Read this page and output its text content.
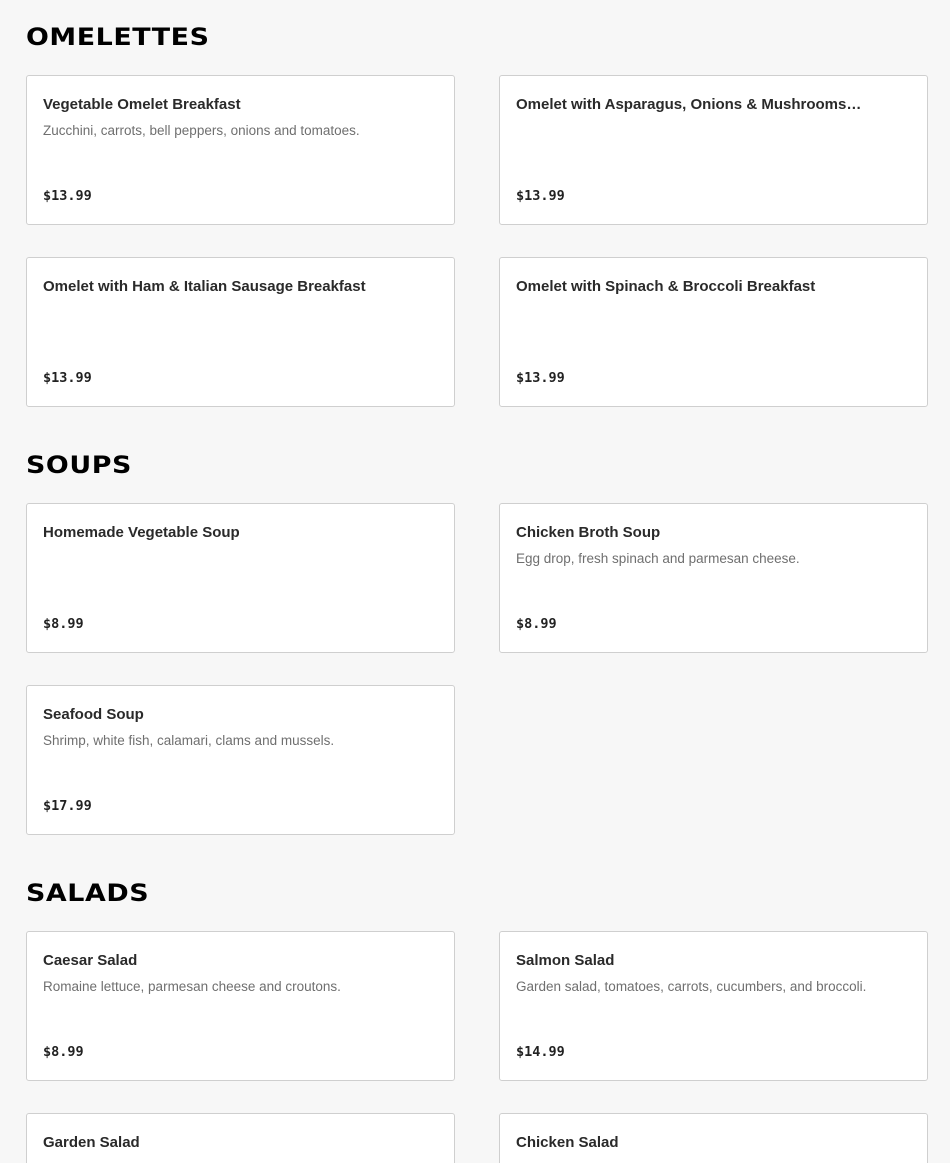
OMELETTES
Vegetable Omelet Breakfast
Zucchini, carrots, bell peppers, onions and tomatoes.
$13.99
Omelet with Asparagus, Onions & Mushrooms…
$13.99
Omelet with Ham & Italian Sausage Breakfast
$13.99
Omelet with Spinach & Broccoli Breakfast
$13.99
SOUPS
Homemade Vegetable Soup
$8.99
Chicken Broth Soup
Egg drop, fresh spinach and parmesan cheese.
$8.99
Seafood Soup
Shrimp, white fish, calamari, clams and mussels.
$17.99
SALADS
Caesar Salad
Romaine lettuce, parmesan cheese and croutons.
$8.99
Salmon Salad
Garden salad, tomatoes, carrots, cucumbers, and broccoli.
$14.99
Garden Salad	Chicken Salad
